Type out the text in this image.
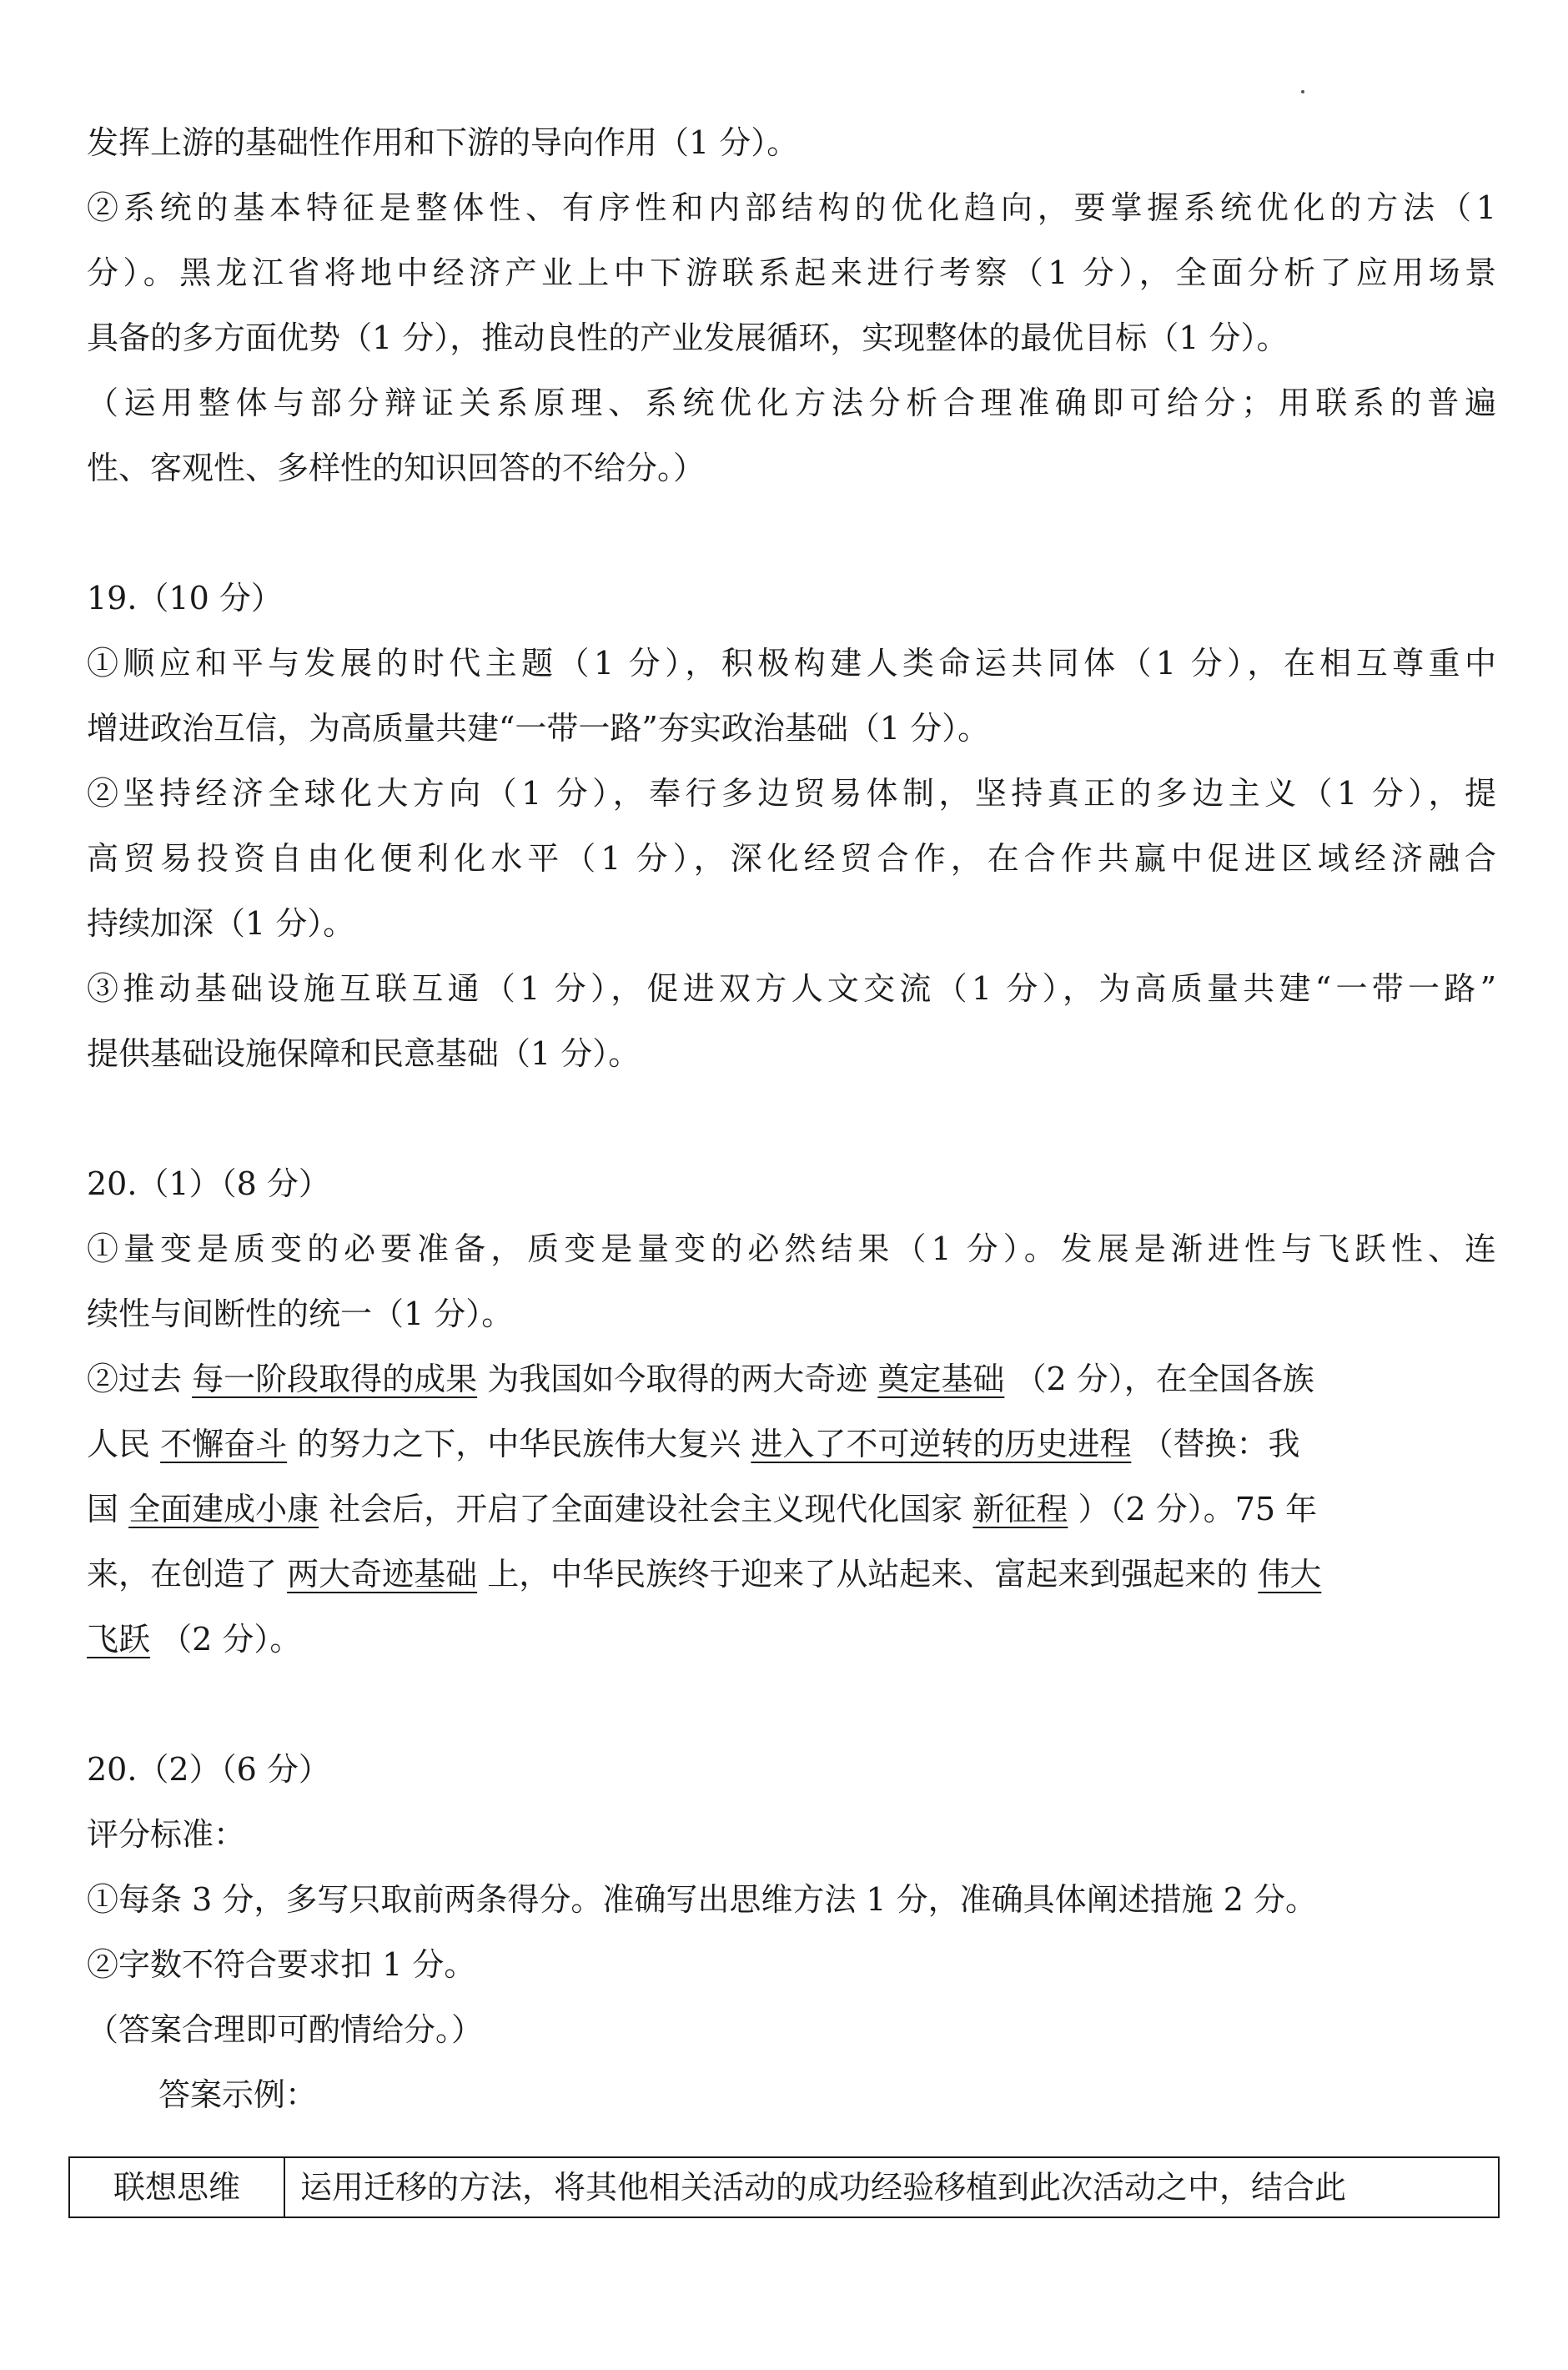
发挥上游的基础性作用和下游的导向作用（1 分）。
②系统的基本特征是整体性、有序性和内部结构的优化趋向，要掌握系统优化的方法（1
分）。黑龙江省将地中经济产业上中下游联系起来进行考察（1 分），全面分析了应用场景
具备的多方面优势（1 分），推动良性的产业发展循环，实现整体的最优目标（1 分）。
（运用整体与部分辩证关系原理、系统优化方法分析合理准确即可给分；用联系的普遍
性、客观性、多样性的知识回答的不给分。）
19.（10 分）
①顺应和平与发展的时代主题（1 分），积极构建人类命运共同体（1 分），在相互尊重中
增进政治互信，为高质量共建“一带一路”夯实政治基础（1 分）。
②坚持经济全球化大方向（1 分），奉行多边贸易体制，坚持真正的多边主义（1 分），提
高贸易投资自由化便利化水平（1 分），深化经贸合作，在合作共赢中促进区域经济融合
持续加深（1 分）。
③推动基础设施互联互通（1 分），促进双方人文交流（1 分），为高质量共建“一带一路”
提供基础设施保障和民意基础（1 分）。
20.（1）（8 分）
①量变是质变的必要准备，质变是量变的必然结果（1 分）。发展是渐进性与飞跃性、连
续性与间断性的统一（1 分）。
②过去 每一阶段取得的成果 为我国如今取得的两大奇迹 奠定基础 （2 分），在全国各族
人民 不懈奋斗 的努力之下，中华民族伟大复兴 进入了不可逆转的历史进程 （替换：我
国 全面建成小康 社会后，开启了全面建设社会主义现代化国家 新征程 ）（2 分）。75 年
来，在创造了 两大奇迹基础 上，中华民族终于迎来了从站起来、富起来到强起来的 伟大
飞跃 （2 分）。
20.（2）（6 分）
评分标准：
①每条 3 分，多写只取前两条得分。准确写出思维方法 1 分，准确具体阐述措施 2 分。
②字数不符合要求扣 1 分。
（答案合理即可酌情给分。）
答案示例：
联想思维	运用迁移的方法，将其他相关活动的成功经验移植到此次活动之中，结合此
